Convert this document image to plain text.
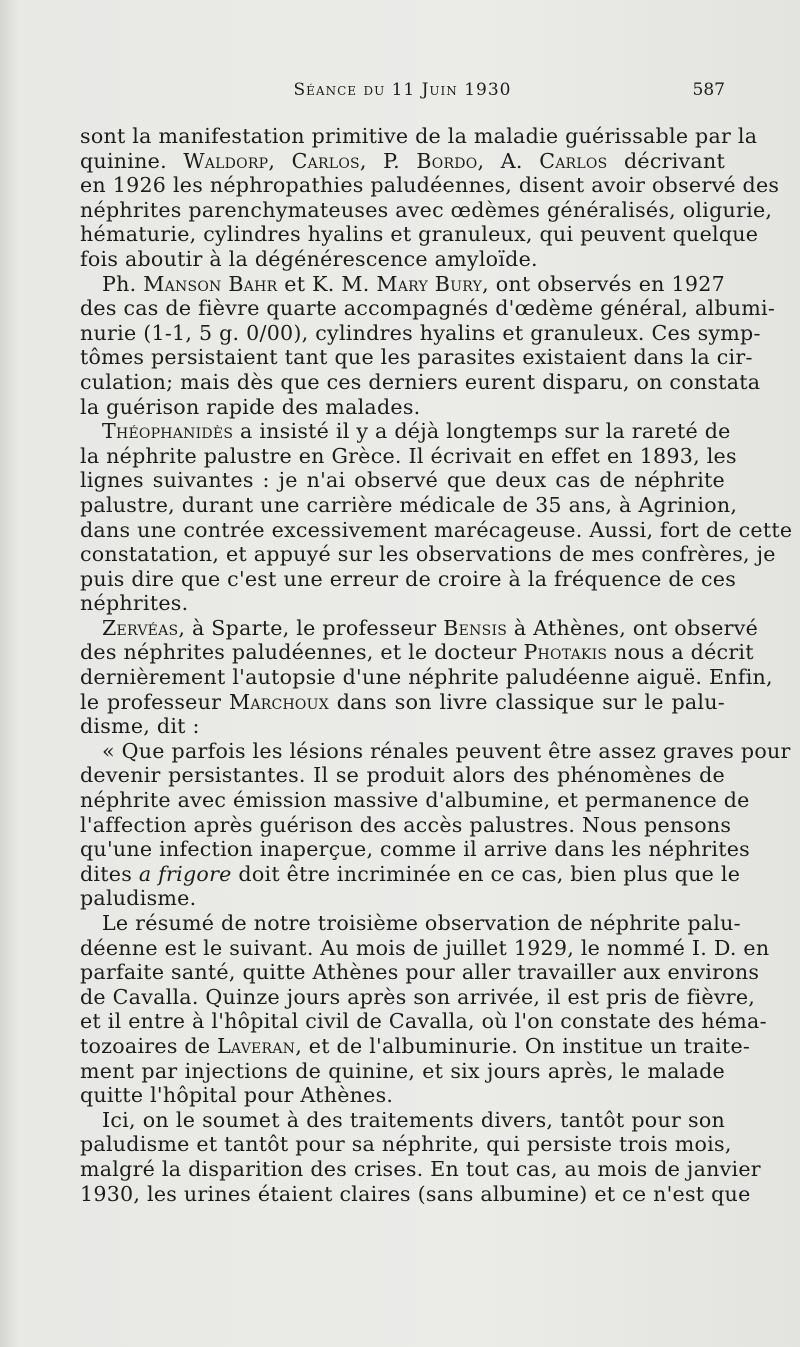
Séance du 11 Juin 1930	587
sont la manifestation primitive de la maladie guérissable par la
quinine. Waldorp, Carlos, P. Bordo, A. Carlos décrivant
en 1926 les néphropathies paludéennes, disent avoir observé des
néphrites parenchymateuses avec œdèmes généralisés, oligurie,
hématurie, cylindres hyalins et granuleux, qui peuvent quelque
fois aboutir à la dégénérescence amyloïde.
Ph. Manson Bahr et K. M. Mary Bury, ont observés en 1927
des cas de fièvre quarte accompagnés d'œdème général, albumi-
nurie (1-1, 5 g. 0/00), cylindres hyalins et granuleux. Ces symp-
tômes persistaient tant que les parasites existaient dans la cir-
culation; mais dès que ces derniers eurent disparu, on constata
la guérison rapide des malades.
Théophanidès a insisté il y a déjà longtemps sur la rareté de
la néphrite palustre en Grèce. Il écrivait en effet en 1893, les
lignes suivantes : je n'ai observé que deux cas de néphrite
palustre, durant une carrière médicale de 35 ans, à Agrinion,
dans une contrée excessivement marécageuse. Aussi, fort de cette
constatation, et appuyé sur les observations de mes confrères, je
puis dire que c'est une erreur de croire à la fréquence de ces
néphrites.
Zervéas, à Sparte, le professeur Bensis à Athènes, ont observé
des néphrites paludéennes, et le docteur Photakis nous a décrit
dernièrement l'autopsie d'une néphrite paludéenne aiguë. Enfin,
le professeur Marchoux dans son livre classique sur le palu-
disme, dit :
« Que parfois les lésions rénales peuvent être assez graves pour
devenir persistantes. Il se produit alors des phénomènes de
néphrite avec émission massive d'albumine, et permanence de
l'affection après guérison des accès palustres. Nous pensons
qu'une infection inaperçue, comme il arrive dans les néphrites
dites a frigore doit être incriminée en ce cas, bien plus que le
paludisme.
Le résumé de notre troisième observation de néphrite palu-
déenne est le suivant. Au mois de juillet 1929, le nommé I. D. en
parfaite santé, quitte Athènes pour aller travailler aux environs
de Cavalla. Quinze jours après son arrivée, il est pris de fièvre,
et il entre à l'hôpital civil de Cavalla, où l'on constate des héma-
tozoaires de Laveran, et de l'albuminurie. On institue un traite-
ment par injections de quinine, et six jours après, le malade
quitte l'hôpital pour Athènes.
Ici, on le soumet à des traitements divers, tantôt pour son
paludisme et tantôt pour sa néphrite, qui persiste trois mois,
malgré la disparition des crises. En tout cas, au mois de janvier
1930, les urines étaient claires (sans albumine) et ce n'est que
